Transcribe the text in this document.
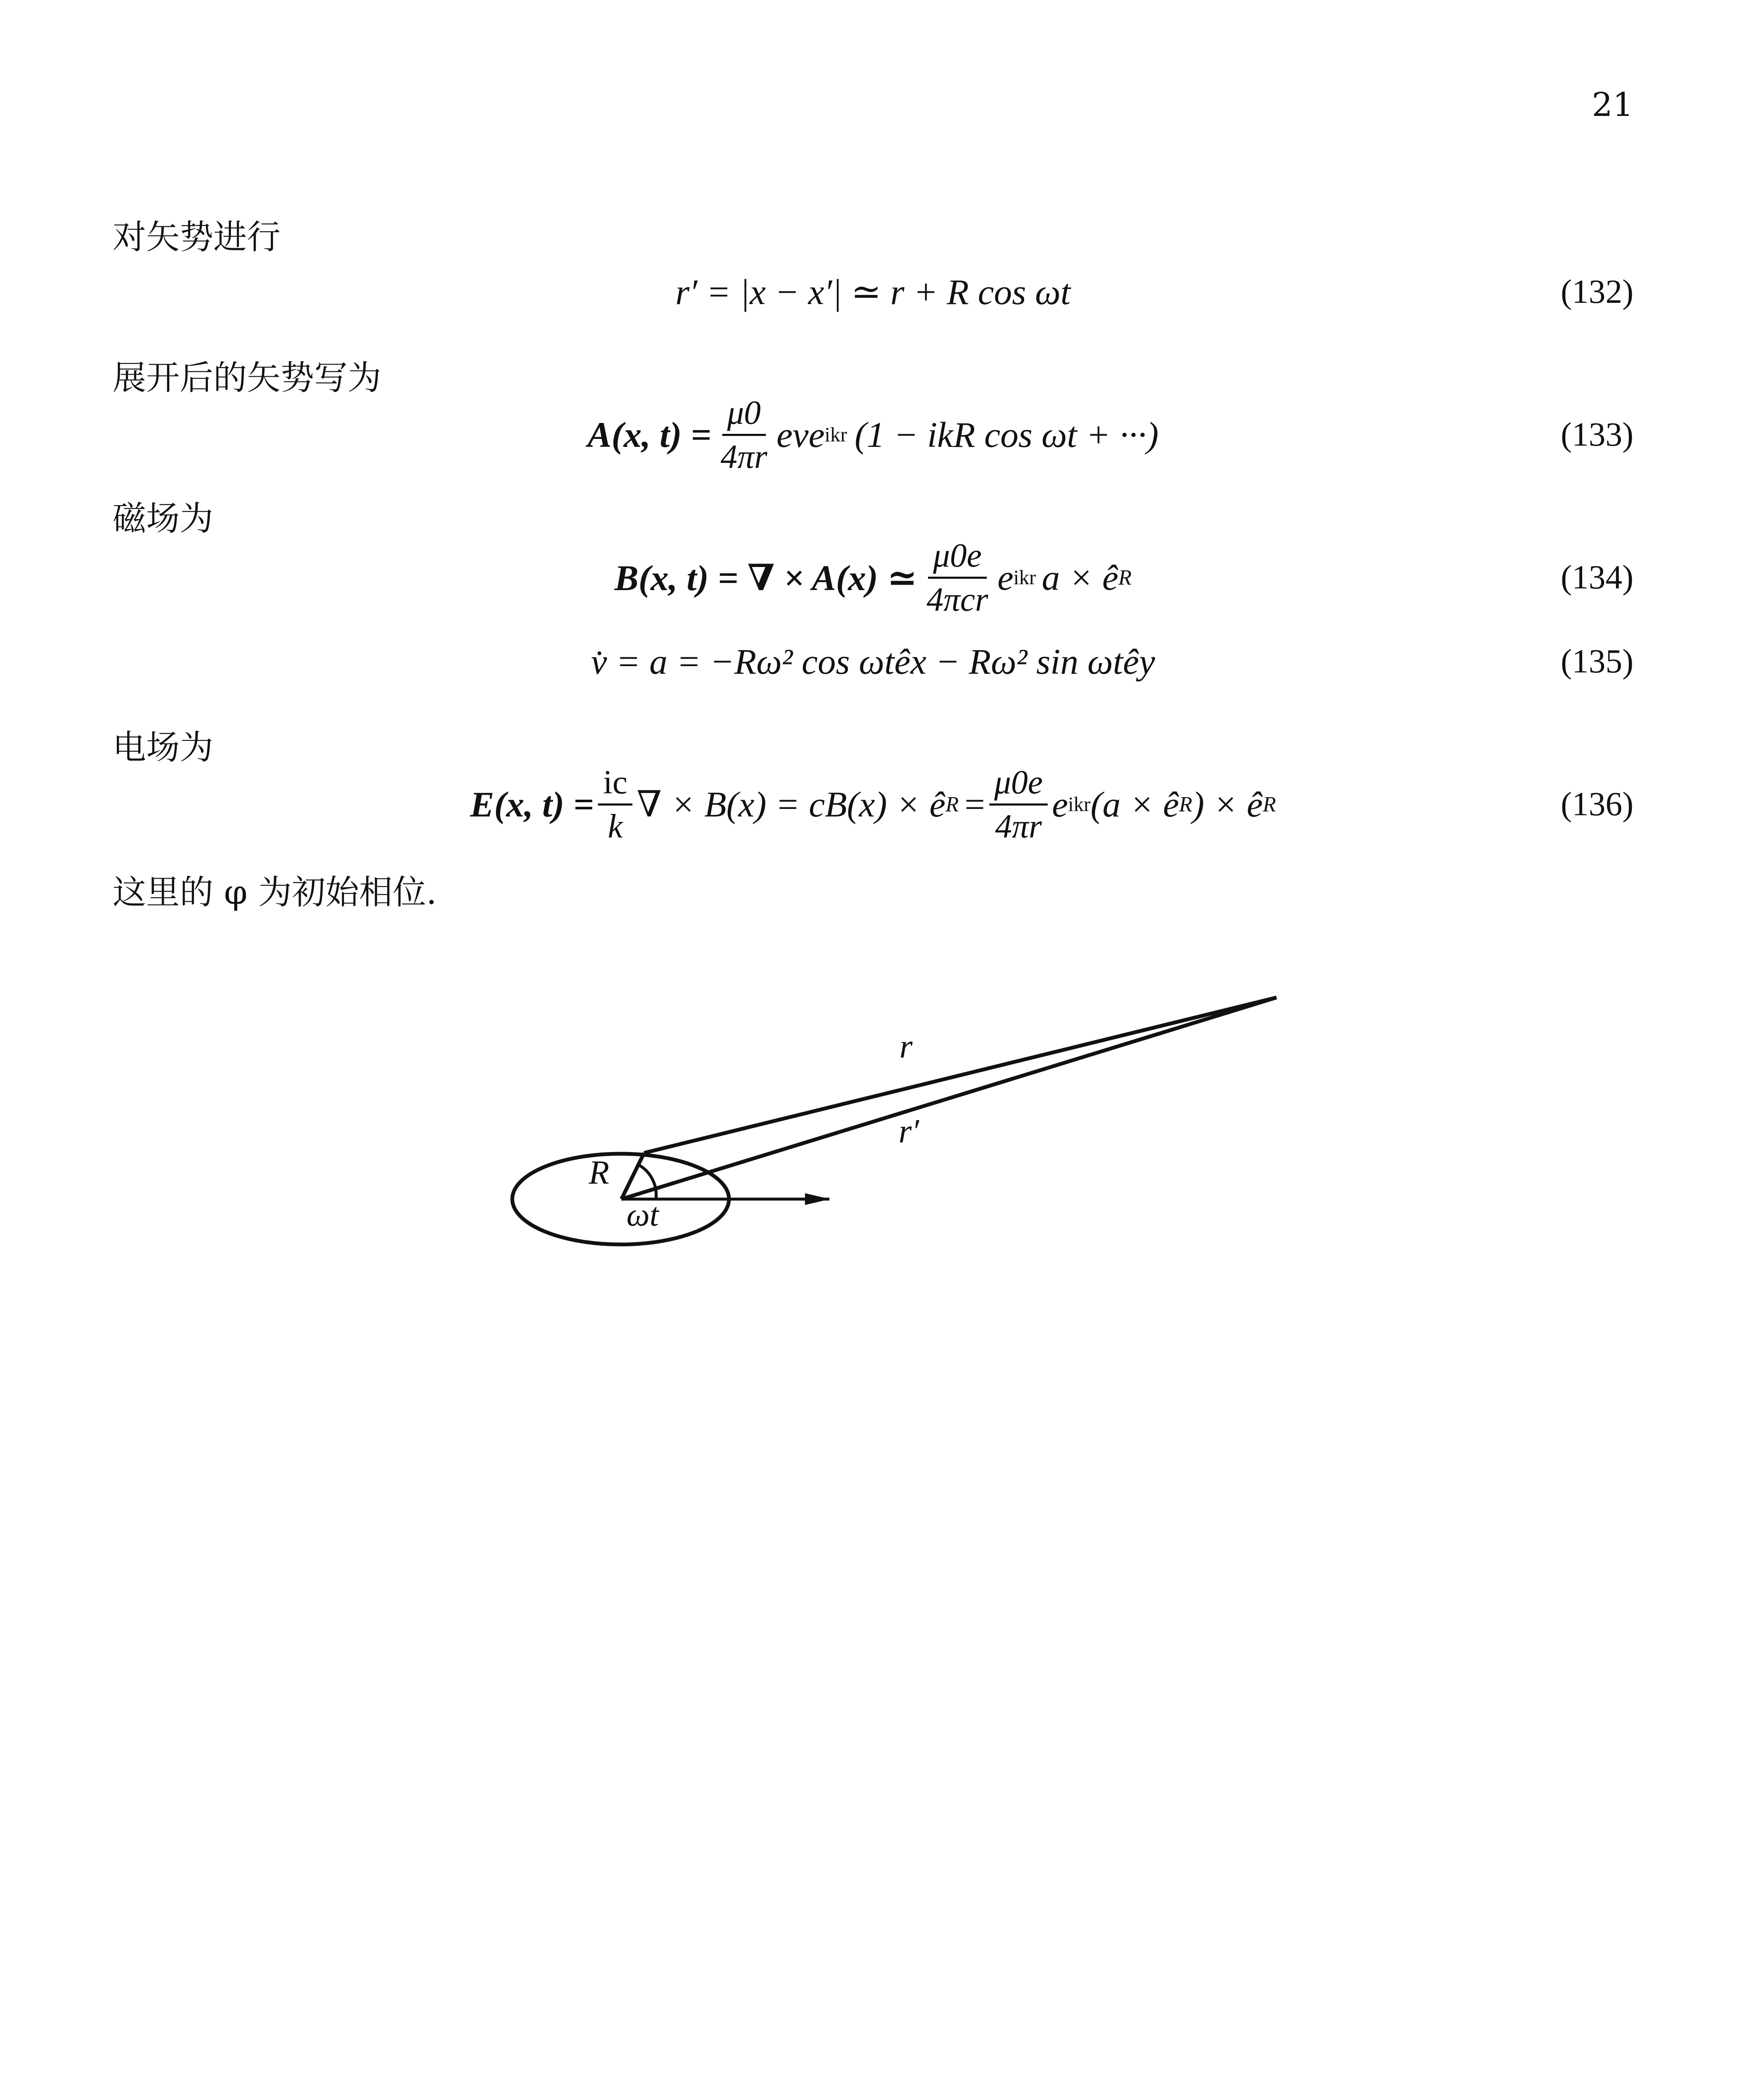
21
对矢势进行
r′ = |x − x′| ≃ r + R cos ωt	(132)
展开后的矢势写为
A(x, $t) = \frac{\mu 0}{4\pi r}$ eve ikr (1 − ikR cos ωt + ···)	(133)
磁场为
B(x, t) = ∇ × A(x) ≃ $\frac{\mu 0e}{\text{4πcr}}$ e ikr a × ê R	(134)
v̇ = a = −Rω² cos ωtêx − Rω² sin ωtêy	(135)
电场为
E(x, $t) = \frac{ic}{k}$ ∇ × B(x) = cB(x) × ê $R = \frac{\mu 0e}{4\pi r}$ e ikr (a × ê R ) × ê R	(136)
这里的 φ 为初始相位.
r
r′
R
ωt
